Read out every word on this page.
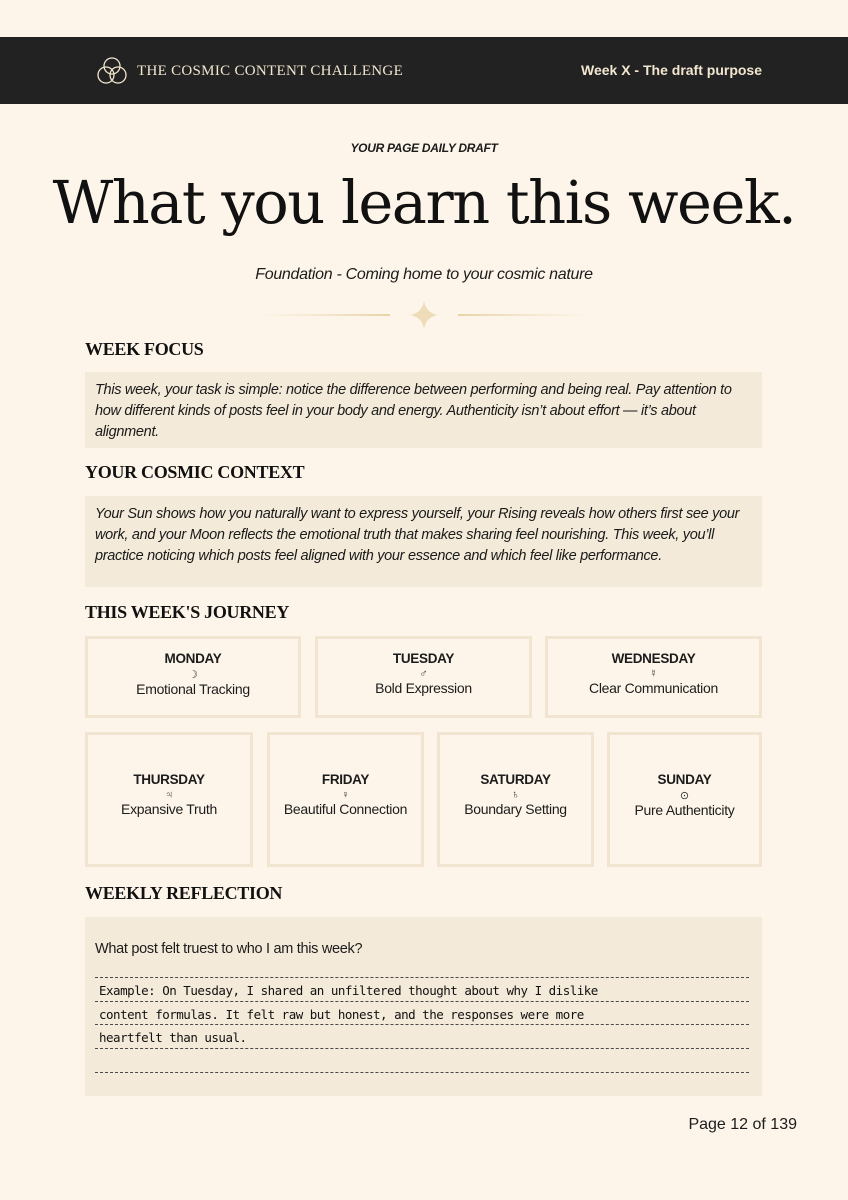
THE COSMIC CONTENT CHALLENGE	Week X - The draft purpose
YOUR PAGE DAILY DRAFT
What you learn this week.
Foundation - Coming home to your cosmic nature
WEEK FOCUS

This week, your task is simple: notice the difference between performing and being real. Pay attention to how different kinds of posts feel in your body and energy. Authenticity isn’t about effort — it’s about alignment.

YOUR COSMIC CONTEXT

Your Sun shows how you naturally want to express yourself, your Rising reveals how others first see your work, and your Moon reflects the emotional truth that makes sharing feel nourishing. This week, you’ll practice noticing which posts feel aligned with your essence and which feel like performance.

THIS WEEK'S JOURNEY
MONDAY
☽
Emotional Tracking
TUESDAY
♂
Bold Expression
WEDNESDAY
☿
Clear Communication
THURSDAY
♃
Expansive Truth
FRIDAY
♀
Beautiful Connection
SATURDAY
♄
Boundary Setting
SUNDAY
⊙
Pure Authenticity
WEEKLY REFLECTION
What post felt truest to who I am this week?
Example: On Tuesday, I shared an unfiltered thought about why I dislike
content formulas. It felt raw but honest, and the responses were more
heartfelt than usual.
Page 12 of 139
